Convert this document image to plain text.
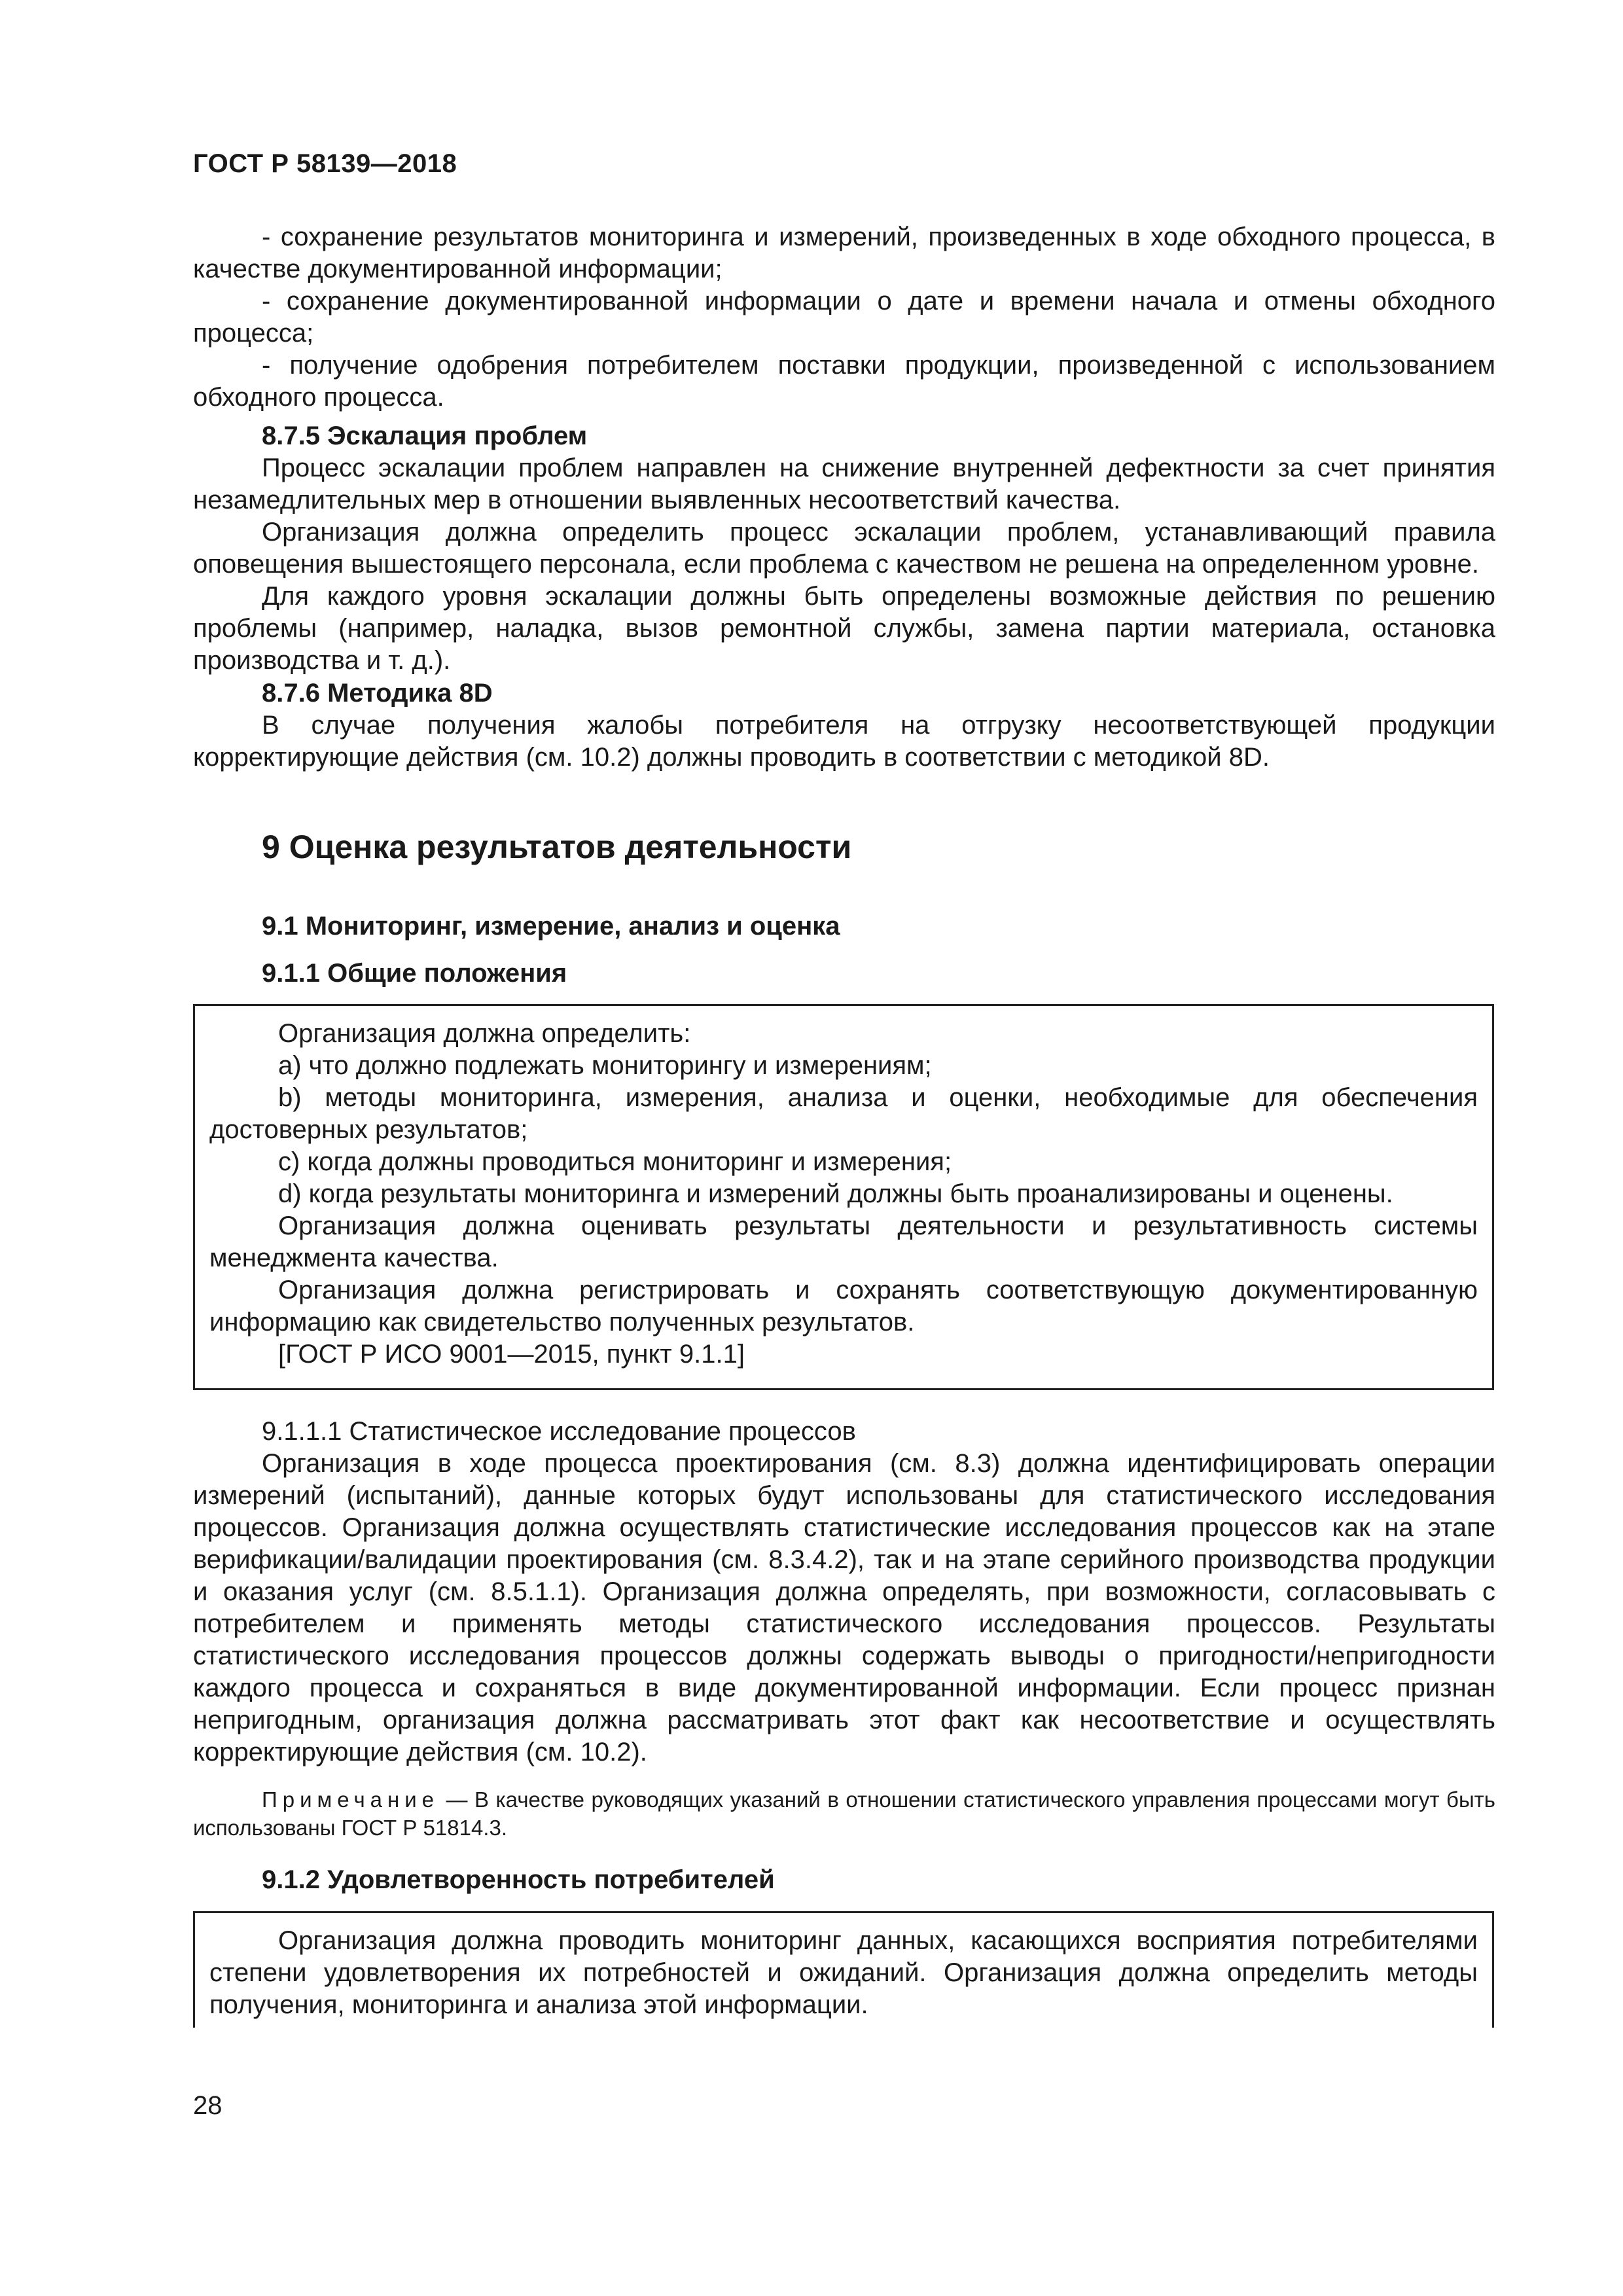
ГОСТ Р 58139—2018

- сохранение результатов мониторинга и измерений, произведенных в ходе обходного процесса, в качестве документированной информации;

- сохранение документированной информации о дате и времени начала и отмены обходного процесса;

- получение одобрения потребителем поставки продукции, произведенной с использованием обходного процесса.

8.7.5 Эскалация проблем

Процесс эскалации проблем направлен на снижение внутренней дефектности за счет принятия незамедлительных мер в отношении выявленных несоответствий качества.

Организация должна определить процесс эскалации проблем, устанавливающий правила оповещения вышестоящего персонала, если проблема с качеством не решена на определенном уровне.

Для каждого уровня эскалации должны быть определены возможные действия по решению проблемы (например, наладка, вызов ремонтной службы, замена партии материала, остановка производства и т. д.).

8.7.6 Методика 8D

В случае получения жалобы потребителя на отгрузку несоответствующей продукции корректирующие действия (см. 10.2) должны проводить в соответствии с методикой 8D.

9 Оценка результатов деятельности
9.1 Мониторинг, измерение, анализ и оценка
9.1.1 Общие положения

Организация должна определить:

a) что должно подлежать мониторингу и измерениям;

b) методы мониторинга, измерения, анализа и оценки, необходимые для обеспечения достоверных результатов;

c) когда должны проводиться мониторинг и измерения;

d) когда результаты мониторинга и измерений должны быть проанализированы и оценены.

Организация должна оценивать результаты деятельности и результативность системы менеджмента качества.

Организация должна регистрировать и сохранять соответствующую документированную информацию как свидетельство полученных результатов.

[ГОСТ Р ИСО 9001—2015, пункт 9.1.1]

9.1.1.1 Статистическое исследование процессов

Организация в ходе процесса проектирования (см. 8.3) должна идентифицировать операции измерений (испытаний), данные которых будут использованы для статистического исследования процессов. Организация должна осуществлять статистические исследования процессов как на этапе верификации/валидации проектирования (см. 8.3.4.2), так и на этапе серийного производства продукции и оказания услуг (см. 8.5.1.1). Организация должна определять, при возможности, согласовывать с потребителем и применять методы статистического исследования процессов. Результаты статистического исследования процессов должны содержать выводы о пригодности/непригодности каждого процесса и сохраняться в виде документированной информации. Если процесс признан непригодным, организация должна рассматривать этот факт как несоответствие и осуществлять корректирующие действия (см. 10.2).

Примечание — В качестве руководящих указаний в отношении статистического управления процессами могут быть использованы ГОСТ Р 51814.3.

9.1.2 Удовлетворенность потребителей

Организация должна проводить мониторинг данных, касающихся восприятия потребителями степени удовлетворения их потребностей и ожиданий. Организация должна определить методы получения, мониторинга и анализа этой информации.

28
